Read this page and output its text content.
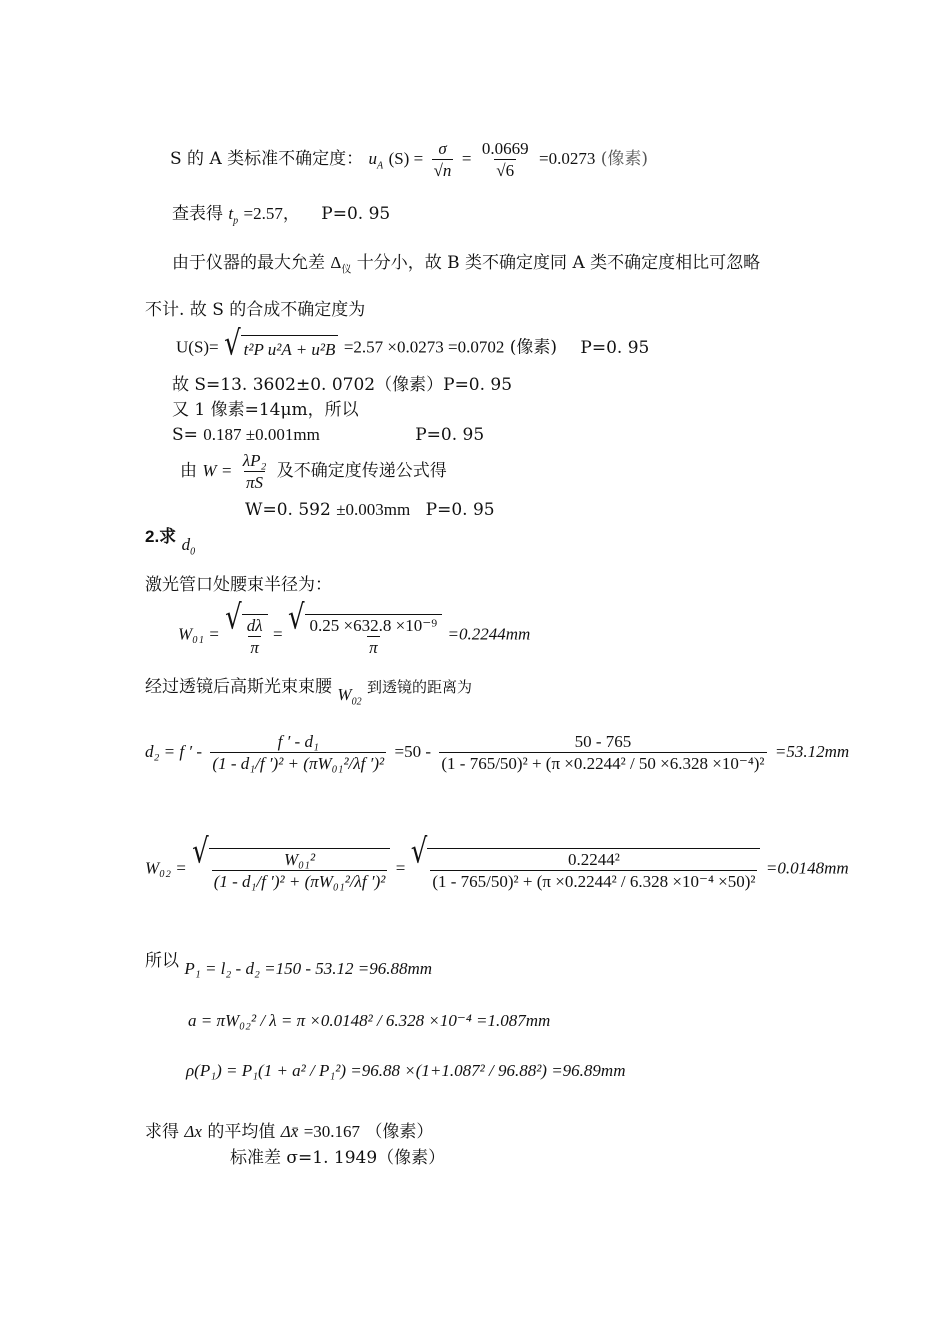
S 的 A 类标准不确定度： $u_A$ $(S) = \frac{\sigma}{√n} = \frac{0.0669}{√6} =0.0273$ (像素)
查表得 $t_p =2.57$， P=0. 95
由于仪器的最大允差 $\Delta_仪$ 十分小，故 B 类不确定度同 A 类不确定度相比可忽略
不计. 故 S 的合成不确定度为
U(S)= √ t²P u²A + u²B =2.57 ×0.0273 =0.0702 (像素) P=0. 95
故 S=13. 3602±0. 0702（像素）P=0. 95
又 1 像素=14μm，所以
S= 0.187 ±0.001mm	P=0. 95
由 $W = \frac{\text{λP₂}}{\pi S}$ 及不确定度传递公式得
W=0. 592 ±0.003mm P=0. 95
2.求 $d_0$
激光管口处腰束半径为：
W₀₁ = √ $\frac{d\lambda}{\pi}$ = √ $\frac{\text{0.25 ×632.8 ×10⁻⁹}}{\pi} =0.2244mm$
经过透镜后高斯光束束腰 $W_{02}$ 到透镜的距离为
d₂ = f ′ - $\frac{\text{f ′ - d₁}}{\text{(1 - d₁/f ′)² + (πW₀₁²/λf ′)²}} =50 - \frac{50 - 765}{\text{(1 - 765/50)² + (π ×0.2244² / 50 ×6.328 ×10⁻⁴)²}} =53.12mm$
W₀₂ = √ $\frac{\text{W₀₁²}}{\text{(1 - d₁/f ′)² + (πW₀₁²/λf ′)²}}$ = √ $\frac{\text{0.2244²}}{\text{(1 - 765/50)² + (π ×0.2244² / 6.328 ×10⁻⁴ ×50)²}} =0.0148mm$
所以 P₁ = l₂ - d₂ =150 - 53.12 =96.88mm
a = πW₀₂² / λ = π ×0.0148² / 6.328 ×10⁻⁴ =1.087mm
ρ(P₁) = P₁(1 + a² / P₁²) =96.88 ×(1+1.087² / 96.88²) =96.89mm
求得 Δx 的平均值 Δx̄ =30.167 （像素）
标准差 σ=1. 1949（像素）
